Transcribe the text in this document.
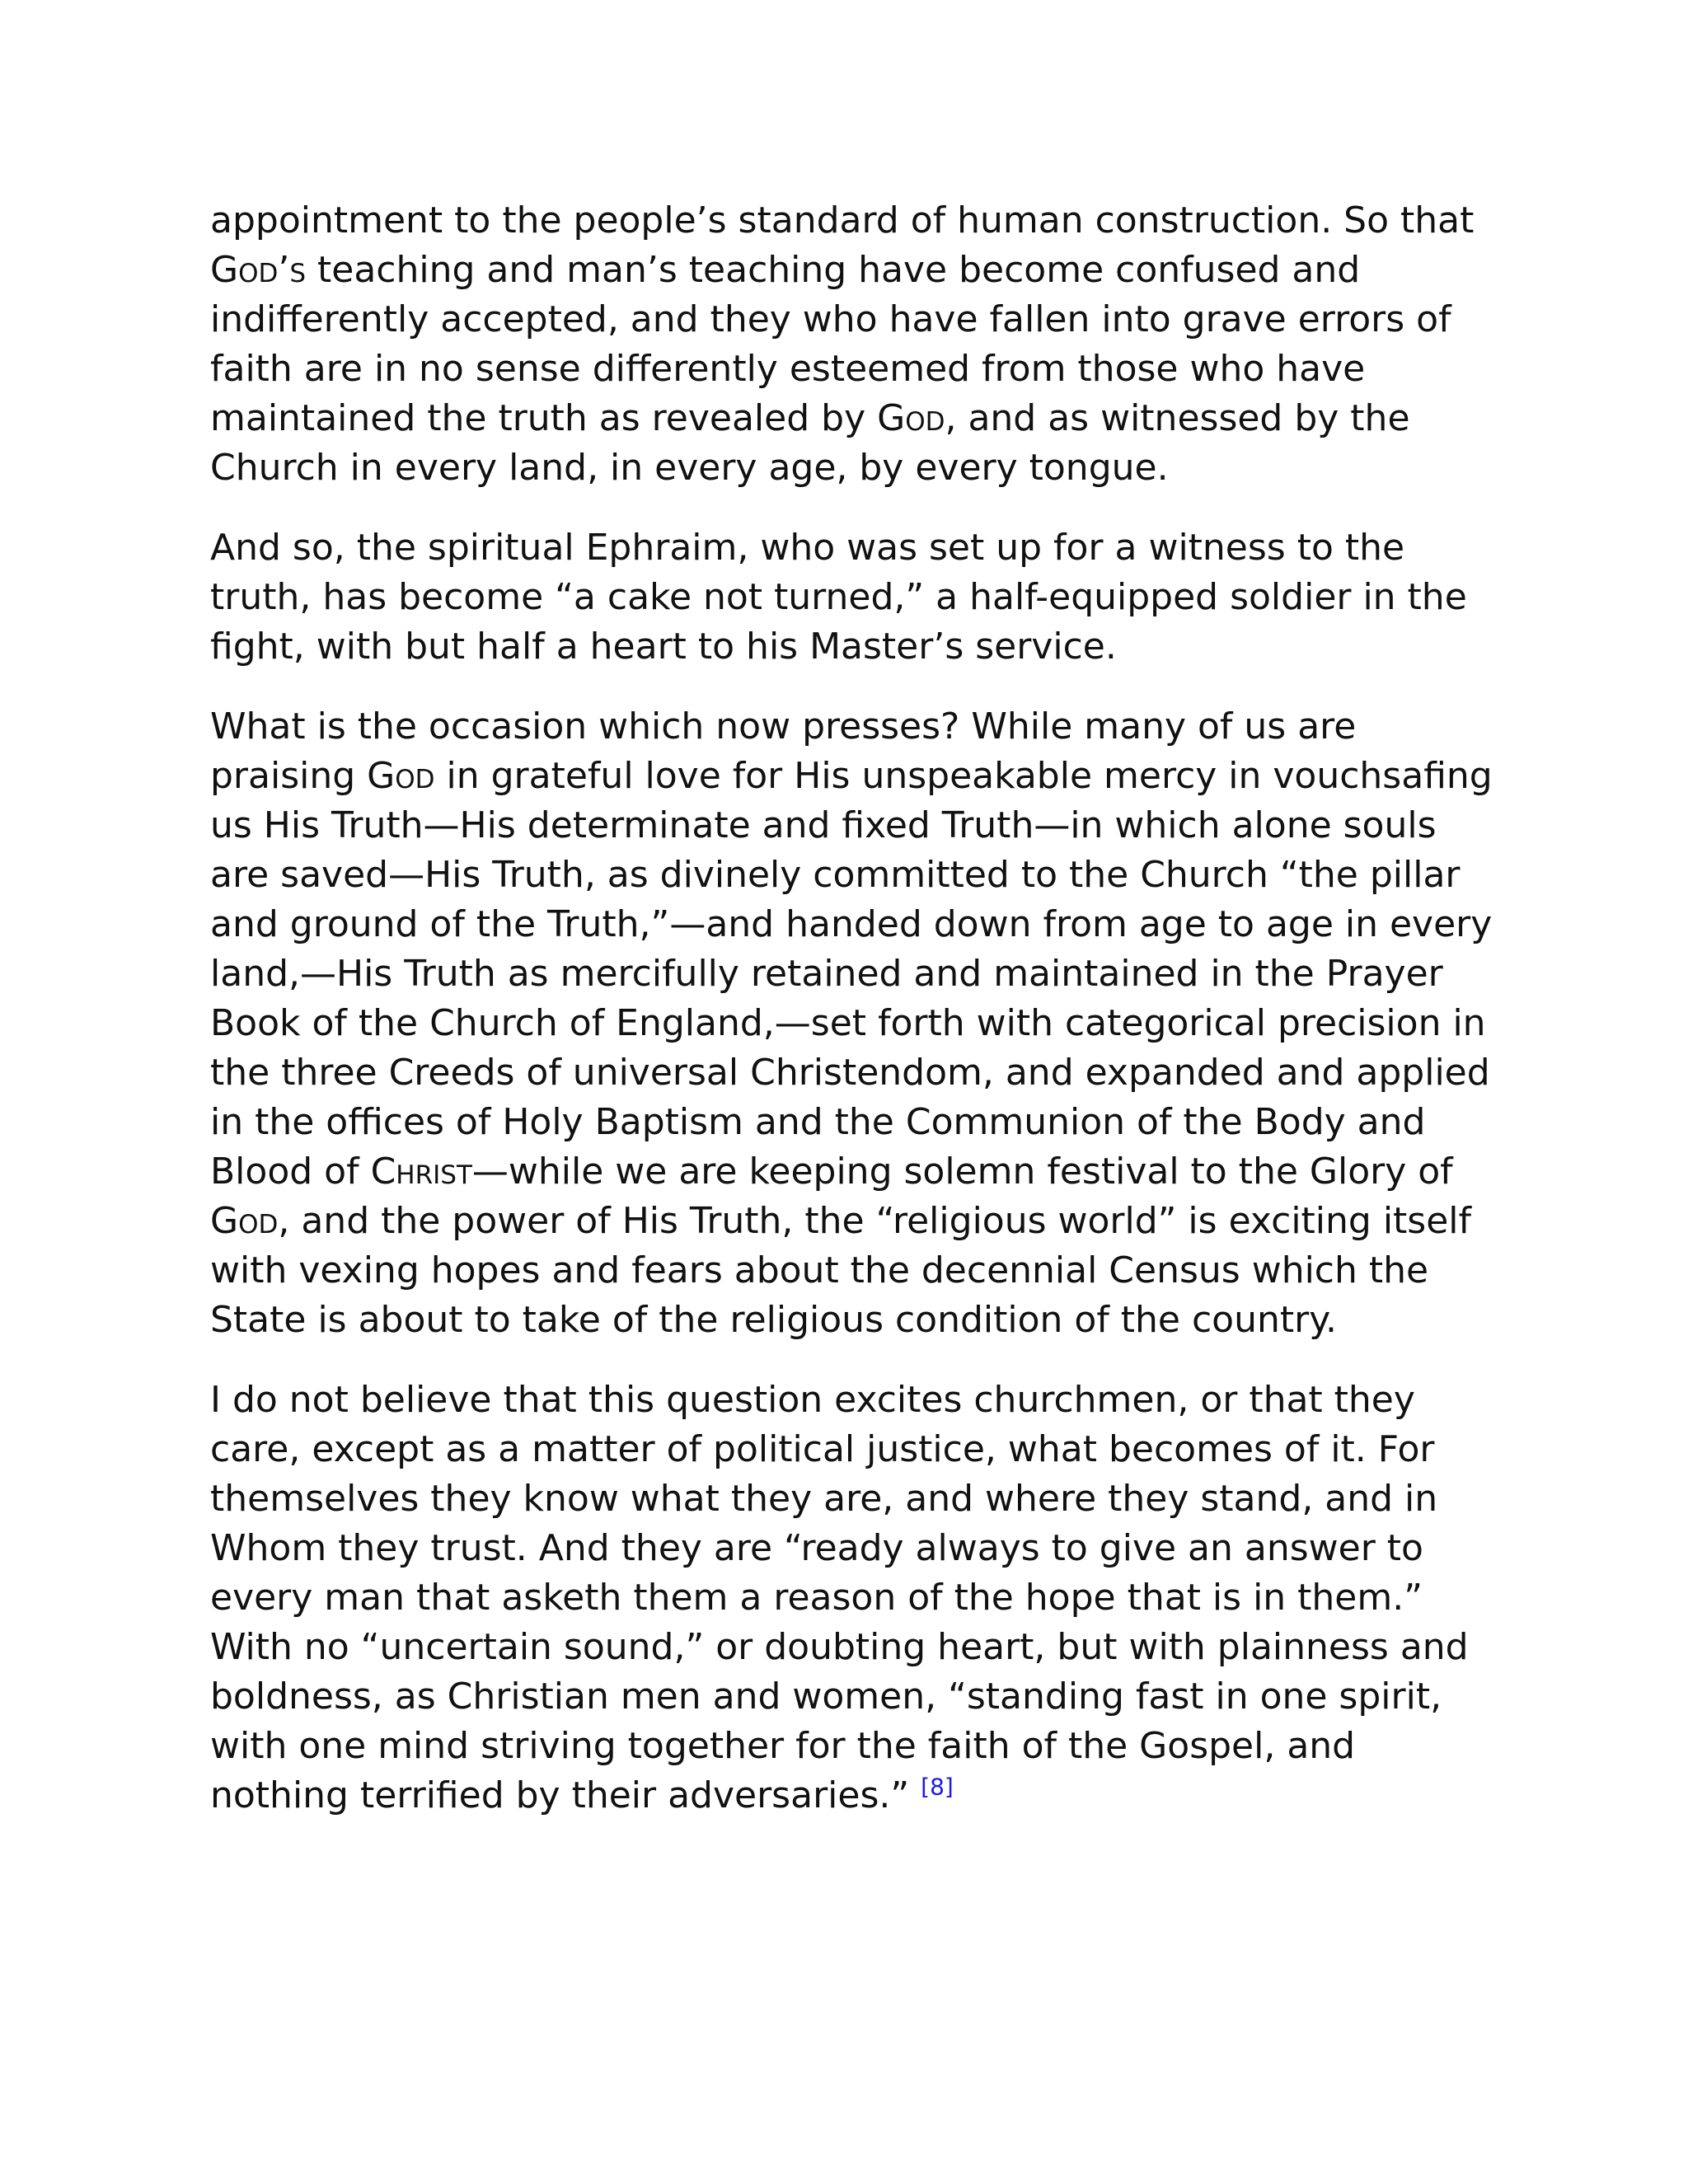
appointment to the people’s standard of human construction. So that God’s teaching and man’s teaching have become confused and indifferently accepted, and they who have fallen into grave errors of faith are in no sense differently esteemed from those who have maintained the truth as revealed by God, and as witnessed by the Church in every land, in every age, by every tongue.

And so, the spiritual Ephraim, who was set up for a witness to the truth, has become “a cake not turned,” a half-equipped soldier in the fight, with but half a heart to his Master’s service.

What is the occasion which now presses? While many of us are praising God in grateful love for His unspeakable mercy in vouchsafing us His Truth—His determinate and fixed Truth—in which alone souls are saved—His Truth, as divinely committed to the Church “the pillar and ground of the Truth,”—and handed down from age to age in every land,—His Truth as mercifully retained and maintained in the Prayer Book of the Church of England,—set forth with categorical precision in the three Creeds of universal Christendom, and expanded and applied in the offices of Holy Baptism and the Communion of the Body and Blood of Christ—while we are keeping solemn festival to the Glory of God, and the power of His Truth, the “religious world” is exciting itself with vexing hopes and fears about the decennial Census which the State is about to take of the religious condition of the country.

I do not believe that this question excites churchmen, or that they care, except as a matter of political justice, what becomes of it. For themselves they know what they are, and where they stand, and in Whom they trust. And they are “ready always to give an answer to every man that asketh them a reason of the hope that is in them.” With no “uncertain sound,” or doubting heart, but with plainness and boldness, as Christian men and women, “standing fast in one spirit, with one mind striving together for the faith of the Gospel, and nothing terrified by their adversaries.” [8]
